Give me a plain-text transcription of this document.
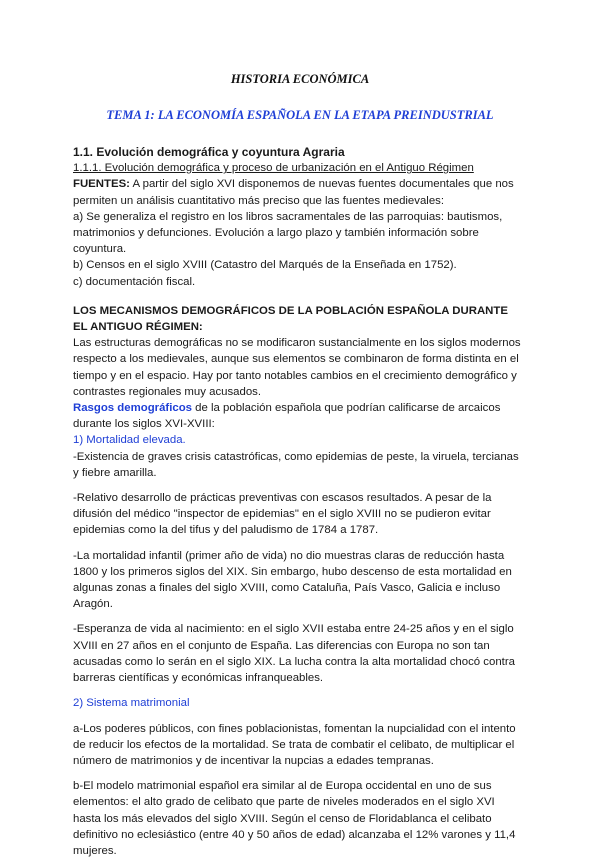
HISTORIA ECONÓMICA
TEMA 1: LA ECONOMÍA ESPAÑOLA EN LA ETAPA PREINDUSTRIAL

1.1. Evolución demográfica y coyuntura Agraria

1.1.1. Evolución demográfica y proceso de urbanización en el Antiguo Régimen

FUENTES: A partir del siglo XVI disponemos de nuevas fuentes documentales que nos permiten un análisis cuantitativo más preciso que las fuentes medievales:

a) Se generaliza el registro en los libros sacramentales de las parroquias: bautismos, matrimonios y defunciones. Evolución a largo plazo y también información sobre coyuntura.

b) Censos en el siglo XVIII (Catastro del Marqués de la Enseñada en 1752).

c) documentación fiscal.

LOS MECANISMOS DEMOGRÁFICOS DE LA POBLACIÓN ESPAÑOLA DURANTE EL ANTIGUO RÉGIMEN:

Las estructuras demográficas no se modificaron sustancialmente en los siglos modernos respecto a los medievales, aunque sus elementos se combinaron de forma distinta en el tiempo y en el espacio. Hay por tanto notables cambios en el crecimiento demográfico y contrastes regionales muy acusados.

Rasgos demográficos de la población española que podrían calificarse de arcaicos durante los siglos XVI-XVIII:

1) Mortalidad elevada.

-Existencia de graves crisis catastróficas, como epidemias de peste, la viruela, tercianas y fiebre amarilla.

-Relativo desarrollo de prácticas preventivas con escasos resultados. A pesar de la difusión del médico "inspector de epidemias" en el siglo XVIII no se pudieron evitar epidemias como la del tifus y del paludismo de 1784 a 1787.

-La mortalidad infantil (primer año de vida) no dio muestras claras de reducción hasta 1800 y los primeros siglos del XIX. Sin embargo, hubo descenso de esta mortalidad en algunas zonas a finales del siglo XVIII, como Cataluña, País Vasco, Galicia e incluso Aragón.

-Esperanza de vida al nacimiento: en el siglo XVII estaba entre 24-25 años y en el siglo XVIII en 27 años en el conjunto de España. Las diferencias con Europa no son tan acusadas como lo serán en el siglo XIX. La lucha contra la alta mortalidad chocó contra barreras científicas y económicas infranqueables.

2) Sistema matrimonial

a-Los poderes públicos, con fines poblacionistas, fomentan la nupcialidad con el intento de reducir los efectos de la mortalidad. Se trata de combatir el celibato, de multiplicar el número de matrimonios y de incentivar la nupcias a edades tempranas.

b-El modelo matrimonial español era similar al de Europa occidental en uno de sus elementos: el alto grado de celibato que parte de niveles moderados en el siglo XVI hasta los más elevados del siglo XVIII. Según el censo de Floridablanca el celibato definitivo no eclesiástico (entre 40 y 50 años de edad) alcanzaba el 12% varones y 11,4 mujeres.
